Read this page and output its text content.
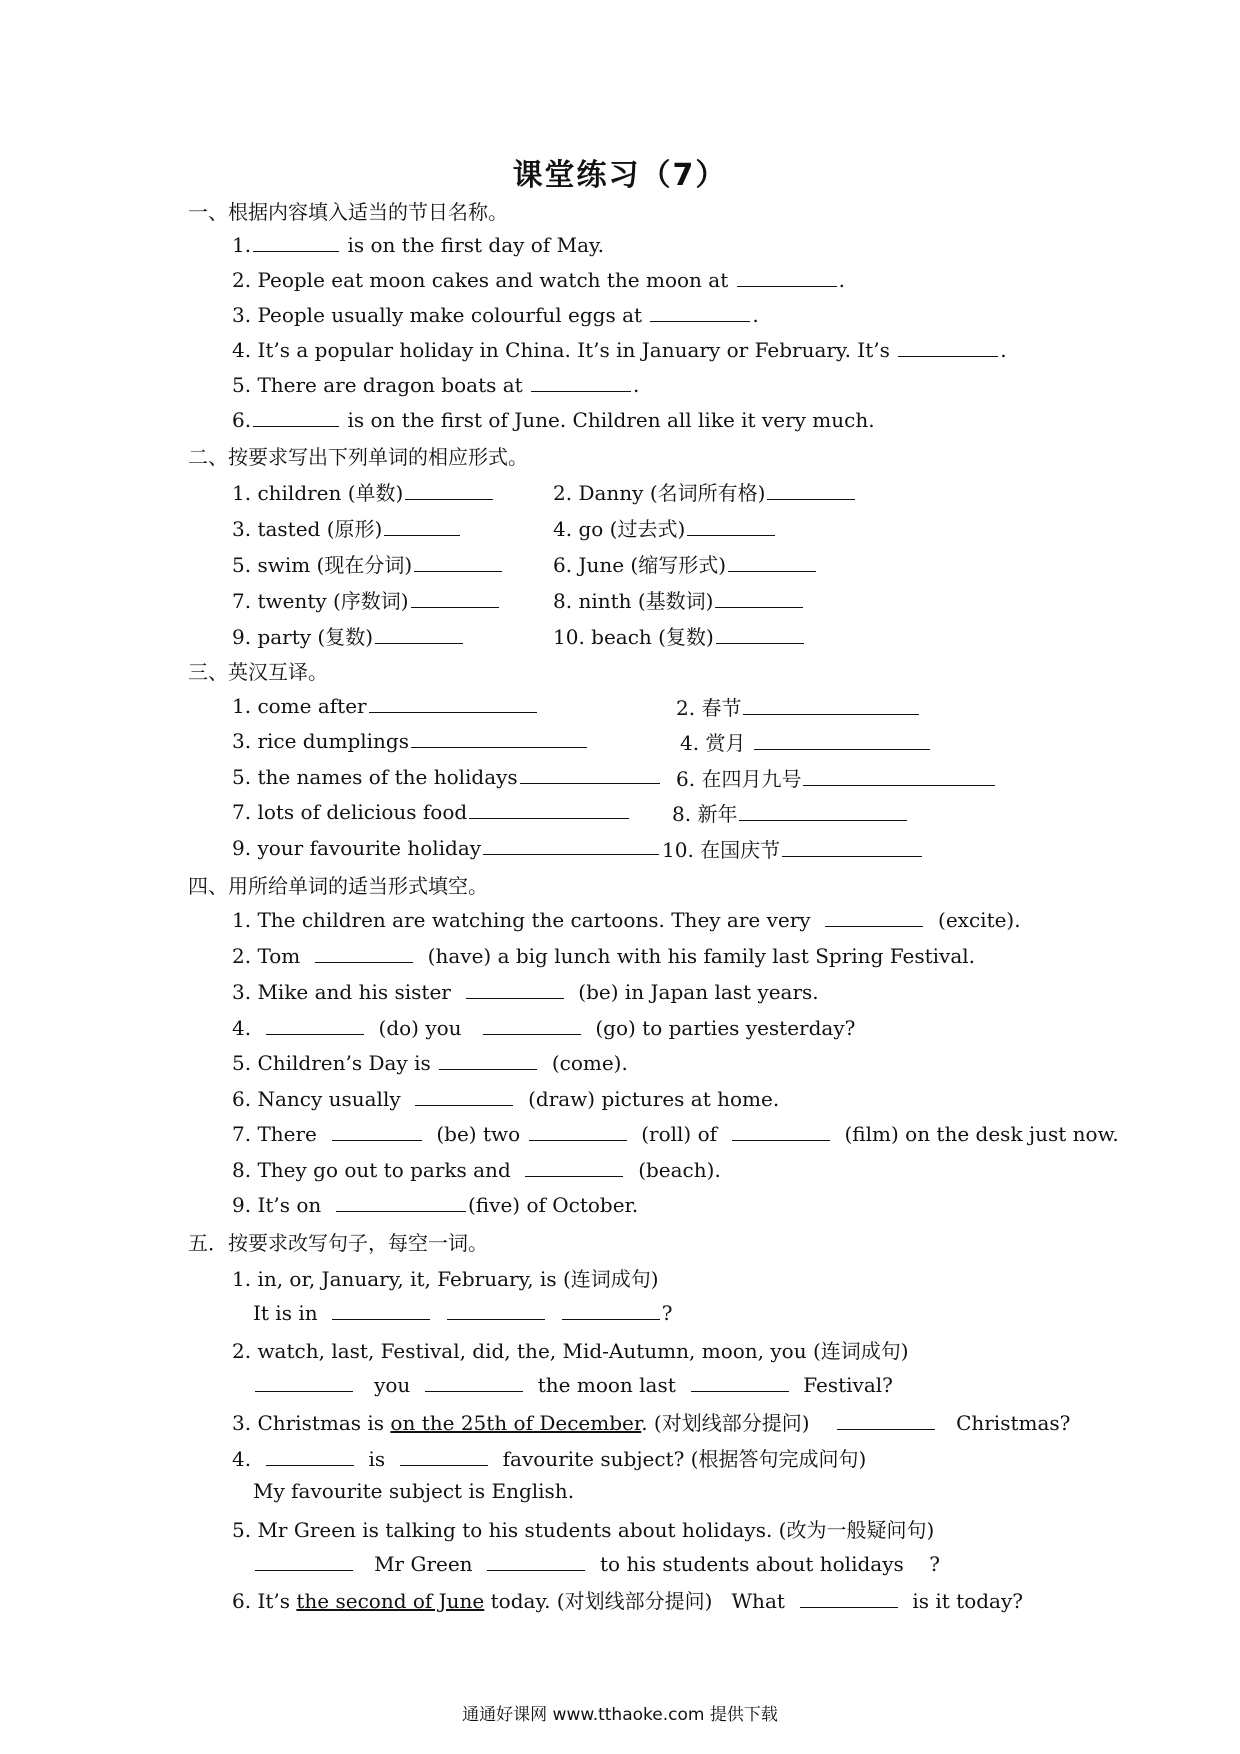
课堂练习（7）
一、根据内容填入适当的节日名称。
1.	is on the first day of May.
2. People eat moon cakes and watch the moon at	.
3. People usually make colourful eggs at	.
4. It’s a popular holiday in China. It’s in January or February. It’s	.
5. There are dragon boats at	.
6.	is on the first of June. Children all like it very much.
二、按要求写出下列单词的相应形式。
1. children (单数)	2. Danny (名词所有格)
3. tasted (原形)	4. go (过去式)
5. swim (现在分词)	6. June (缩写形式)
7. twenty (序数词)	8. ninth (基数词)
9. party (复数)	10. beach (复数)
三、英汉互译。
1. come after	2. 春节
3. rice dumplings	4. 赏月
5. the names of the holidays	6. 在四月九号
7. lots of delicious food	8. 新年
9. your favourite holiday	10. 在国庆节
四、用所给单词的适当形式填空。
1. The children are watching the cartoons. They are very	(excite).
2. Tom	(have) a big lunch with his family last Spring Festival.
3. Mike and his sister	(be) in Japan last years.
4.	(do) you	(go) to parties yesterday?
5. Children’s Day is	(come).
6. Nancy usually	(draw) pictures at home.
7. There	(be) two	(roll) of	(film) on the desk just now.
8. They go out to parks and	(beach).
9. It’s on	(five) of October.
五．按要求改写句子，每空一词。
1. in, or, January, it, February, is (连词成句)
It is in	?
2. watch, last, Festival, did, the, Mid-Autumn, moon, you (连词成句)
you	the moon last	Festival?
3. Christmas is on the 25th of December. (对划线部分提问)	Christmas?
4.	is	favourite subject? (根据答句完成问句)
My favourite subject is English.
5. Mr Green is talking to his students about holidays. (改为一般疑问句)
Mr Green	to his students about holidays ?
6. It’s the second of June today. (对划线部分提问) What	is it today?
通通好课网 www.tthaoke.com 提供下载
